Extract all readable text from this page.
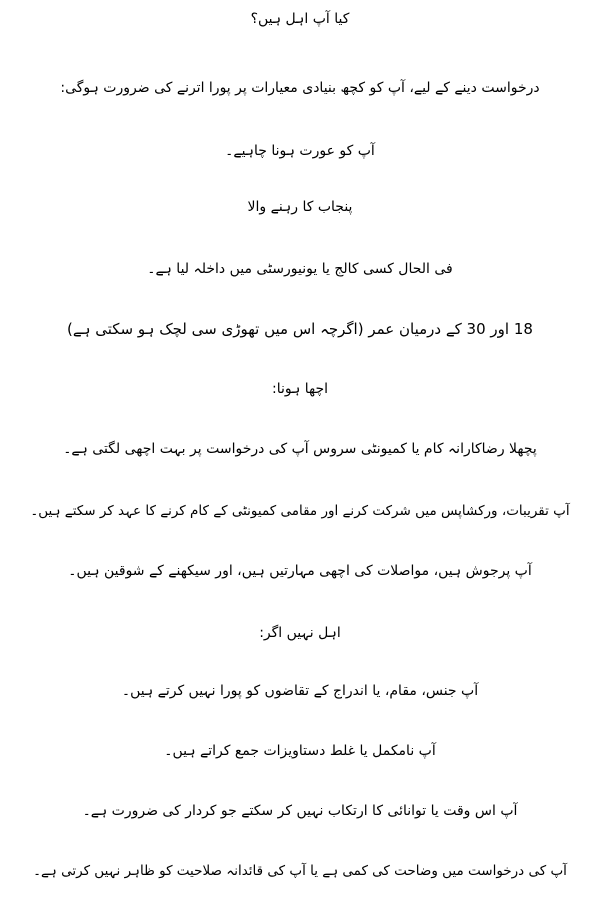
کیا آپ اہل ہیں؟
درخواست دینے کے لیے، آپ کو کچھ بنیادی معیارات پر پورا اترنے کی ضرورت ہوگی:
آپ کو عورت ہونا چاہیے۔
پنجاب کا رہنے والا
فی الحال کسی کالج یا یونیورسٹی میں داخلہ لیا ہے۔
18 اور 30 کے درمیان عمر (اگرچہ اس میں تھوڑی سی لچک ہو سکتی ہے)
اچھا ہونا:
پچھلا رضاکارانہ کام یا کمیونٹی سروس آپ کی درخواست پر بہت اچھی لگتی ہے۔
آپ تقریبات، ورکشاپس میں شرکت کرنے اور مقامی کمیونٹی کے کام کرنے کا عہد کر سکتے ہیں۔
آپ پرجوش ہیں، مواصلات کی اچھی مہارتیں ہیں، اور سیکھنے کے شوقین ہیں۔
اہل نہیں اگر:
آپ جنس، مقام، یا اندراج کے تقاضوں کو پورا نہیں کرتے ہیں۔
آپ نامکمل یا غلط دستاویزات جمع کراتے ہیں۔
آپ اس وقت یا توانائی کا ارتکاب نہیں کر سکتے جو کردار کی ضرورت ہے۔
آپ کی درخواست میں وضاحت کی کمی ہے یا آپ کی قائدانہ صلاحیت کو ظاہر نہیں کرتی ہے۔
